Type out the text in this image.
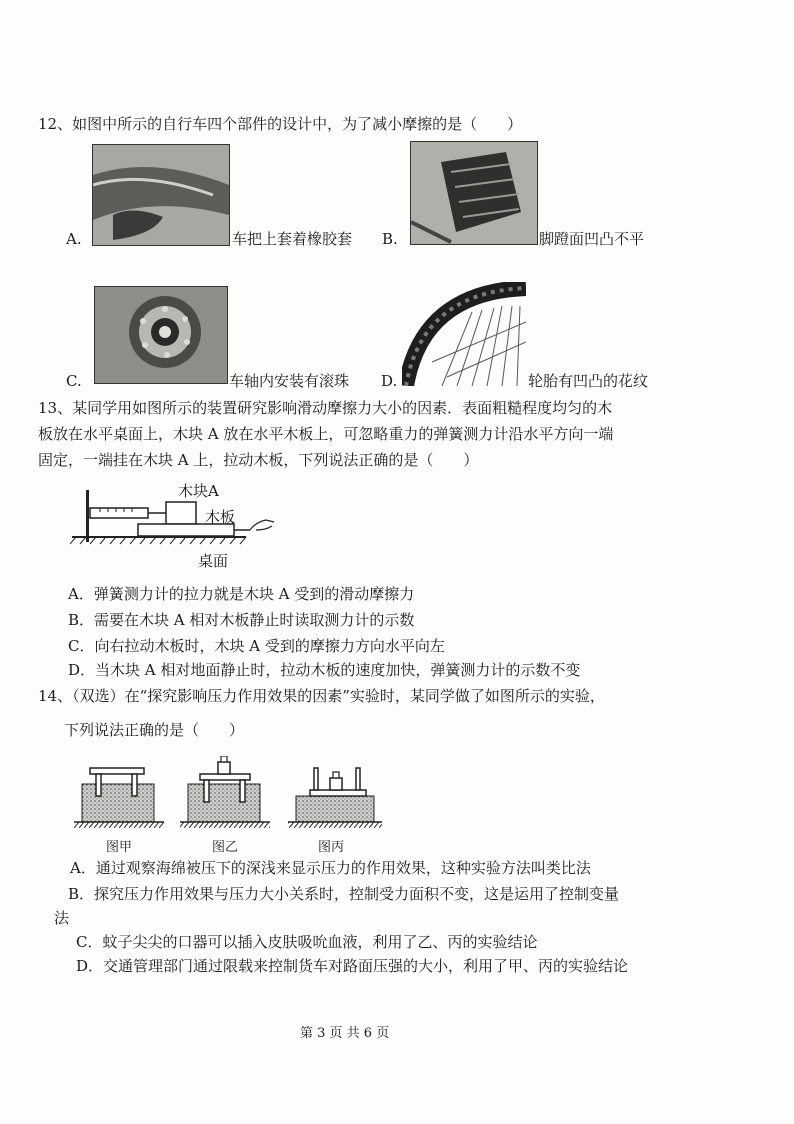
12、如图中所示的自行车四个部件的设计中，为了减小摩擦的是（　　）
A.	车把上套着橡胶套 B.	脚蹬面凹凸不平
C.	车轴内安装有滚珠 D.	轮胎有凹凸的花纹
13、某同学用如图所示的装置研究影响滑动摩擦力大小的因素．表面粗糙程度均匀的木
板放在水平桌面上，木块 A 放在水平木板上，可忽略重力的弹簧测力计沿水平方向一端
固定，一端挂在木块 A 上，拉动木板，下列说法正确的是（　　）
木块A
木板
桌面
A．弹簧测力计的拉力就是木块 A 受到的滑动摩擦力
B．需要在木块 A 相对木板静止时读取测力计的示数
C．向右拉动木板时，木块 A 受到的摩擦力方向水平向左
D．当木块 A 相对地面静止时，拉动木板的速度加快，弹簧测力计的示数不变
14、（双选）在“探究影响压力作用效果的因素”实验时，某同学做了如图所示的实验，
下列说法正确的是（　　）
图甲	图乙	图丙
A．通过观察海绵被压下的深浅来显示压力的作用效果，这种实验方法叫类比法
B．探究压力作用效果与压力大小关系时，控制受力面积不变，这是运用了控制变量
法
C．蚊子尖尖的口器可以插入皮肤吸吮血液，利用了乙、丙的实验结论
D．交通管理部门通过限载来控制货车对路面压强的大小，利用了甲、丙的实验结论
第 3 页 共 6 页
